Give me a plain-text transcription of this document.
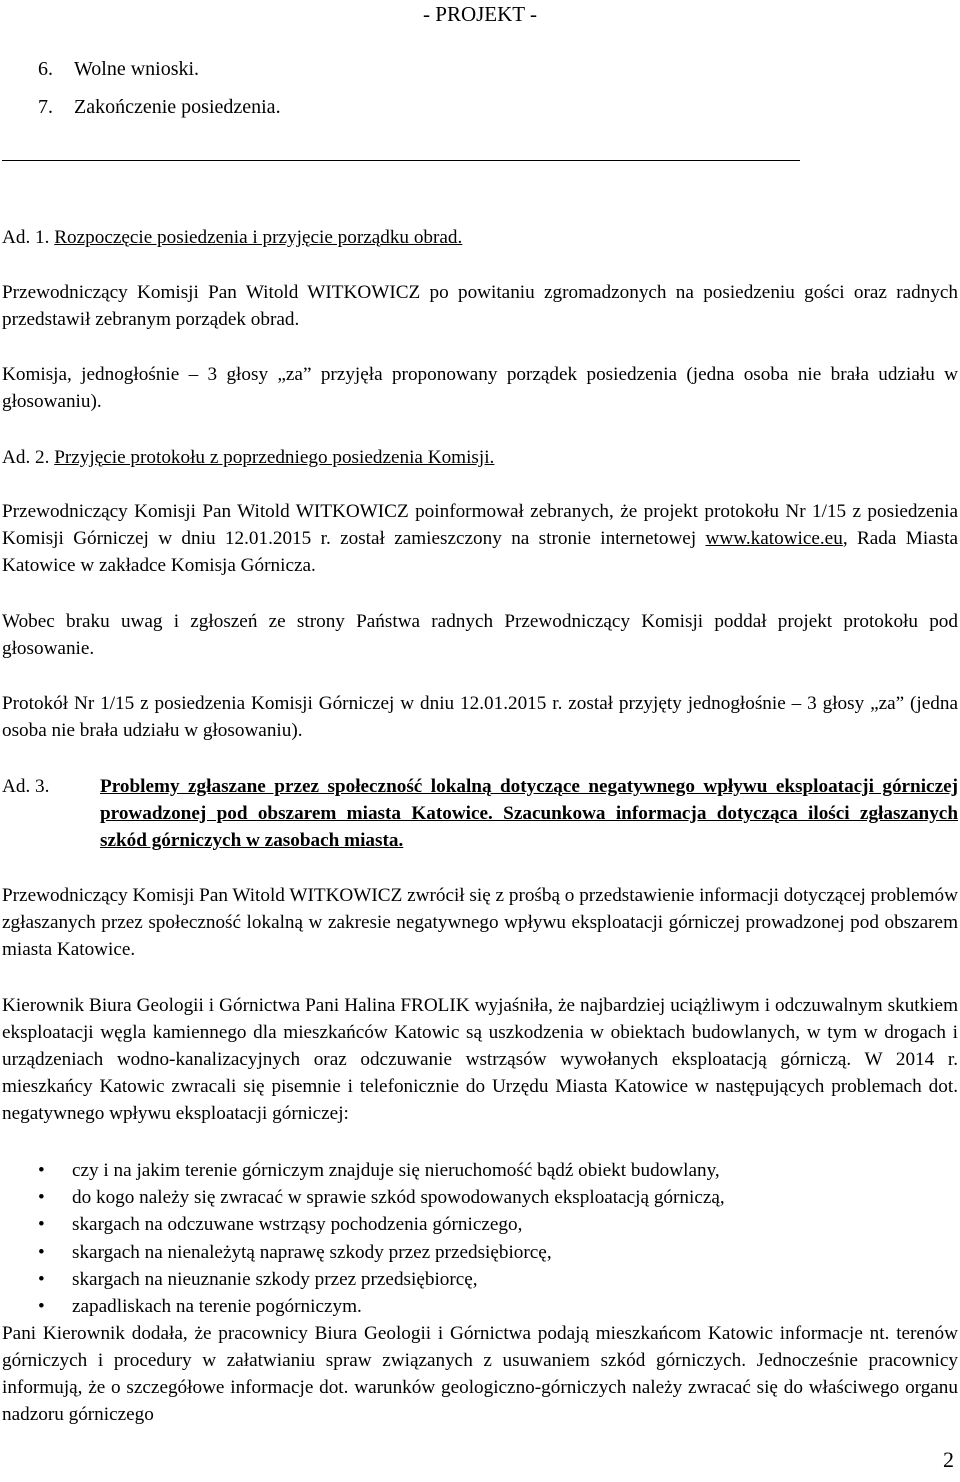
- PROJEKT -
6. Wolne wnioski.
7. Zakończenie posiedzenia.
Ad. 1. Rozpoczęcie posiedzenia i przyjęcie porządku obrad.
Przewodniczący Komisji Pan Witold WITKOWICZ po powitaniu zgromadzonych na posiedzeniu gości oraz radnych przedstawił zebranym porządek obrad.
Komisja, jednogłośnie – 3 głosy „za” przyjęła proponowany porządek posiedzenia (jedna osoba nie brała udziału w głosowaniu).
Ad. 2. Przyjęcie protokołu z poprzedniego posiedzenia Komisji.
Przewodniczący Komisji Pan Witold WITKOWICZ poinformował zebranych, że projekt protokołu Nr 1/15 z posiedzenia Komisji Górniczej w dniu 12.01.2015 r. został zamieszczony na stronie internetowej www.katowice.eu, Rada Miasta Katowice w zakładce Komisja Górnicza.
Wobec braku uwag i zgłoszeń ze strony Państwa radnych Przewodniczący Komisji poddał projekt protokołu pod głosowanie.
Protokół Nr 1/15 z posiedzenia Komisji Górniczej w dniu 12.01.2015 r. został przyjęty jednogłośnie – 3 głosy „za” (jedna osoba nie brała udziału w głosowaniu).
Ad. 3.	Problemy zgłaszane przez społeczność lokalną dotyczące negatywnego wpływu eksploatacji górniczej prowadzonej pod obszarem miasta Katowice. Szacunkowa informacja dotycząca ilości zgłaszanych szkód górniczych w zasobach miasta.
Przewodniczący Komisji Pan Witold WITKOWICZ zwrócił się z prośbą o przedstawienie informacji dotyczącej problemów zgłaszanych przez społeczność lokalną w zakresie negatywnego wpływu eksploatacji górniczej prowadzonej pod obszarem miasta Katowice.
Kierownik Biura Geologii i Górnictwa Pani Halina FROLIK wyjaśniła, że najbardziej uciążliwym i odczuwalnym skutkiem eksploatacji węgla kamiennego dla mieszkańców Katowic są uszkodzenia w obiektach budowlanych, w tym w drogach i urządzeniach wodno-kanalizacyjnych oraz odczuwanie wstrząsów wywołanych eksploatacją górniczą. W 2014 r. mieszkańcy Katowic zwracali się pisemnie i telefonicznie do Urzędu Miasta Katowice w następujących problemach dot. negatywnego wpływu eksploatacji górniczej:
• czy i na jakim terenie górniczym znajduje się nieruchomość bądź obiekt budowlany,
• do kogo należy się zwracać w sprawie szkód spowodowanych eksploatacją górniczą,
• skargach na odczuwane wstrząsy pochodzenia górniczego,
• skargach na nienależytą naprawę szkody przez przedsiębiorcę,
• skargach na nieuznanie szkody przez przedsiębiorcę,
• zapadliskach na terenie pogórniczym.
Pani Kierownik dodała, że pracownicy Biura Geologii i Górnictwa podają mieszkańcom Katowic informacje nt. terenów górniczych i procedury w załatwianiu spraw związanych z usuwaniem szkód górniczych. Jednocześnie pracownicy informują, że o szczegółowe informacje dot. warunków geologiczno-górniczych należy zwracać się do właściwego organu nadzoru górniczego
2
